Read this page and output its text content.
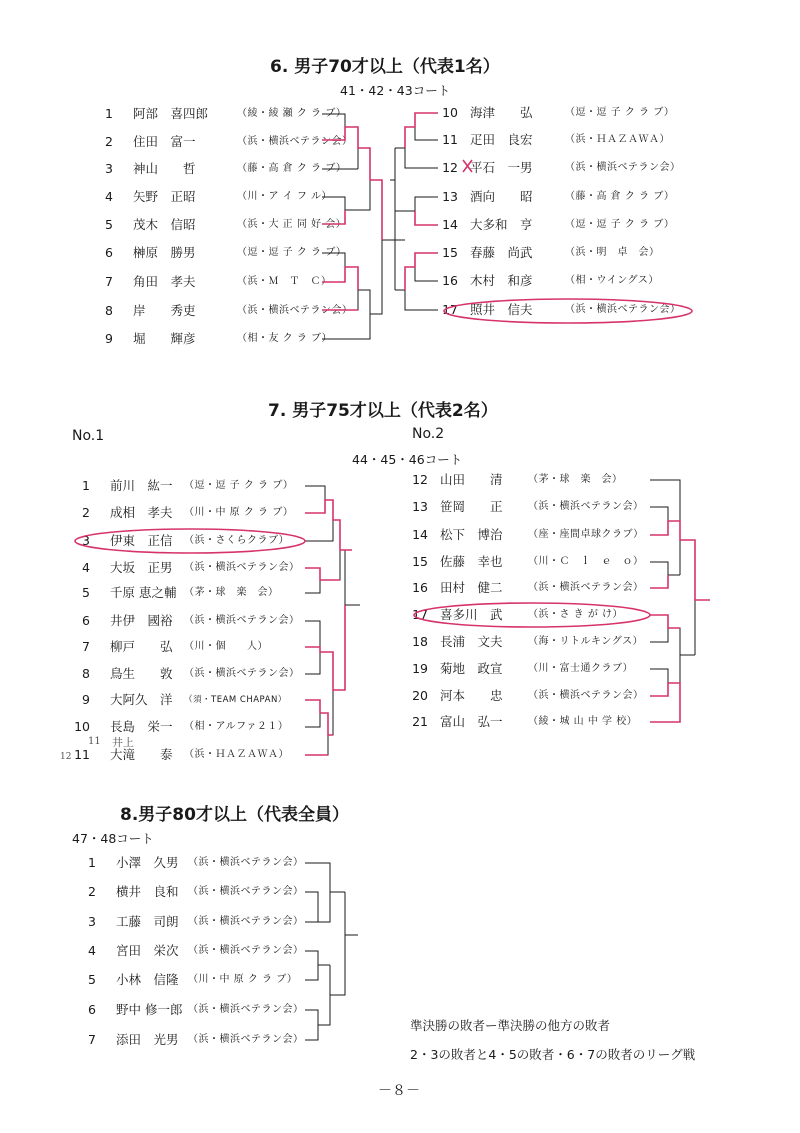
6. 男子70才以上（代表1名）
41・42・43コート
1 阿部　喜四郎	（綾・綾 瀬 ク ラ ブ）
2 住田　富一	（浜・横浜ベテラン会）
3 神山　　哲	（藤・高 倉 ク ラ ブ）
4 矢野　正昭	（川・ア イ フ ル）
5 茂木　信昭	（浜・大 正 同 好 会）
6 榊原　勝男	（逗・逗 子 ク ラ ブ）
7 角田　孝夫	（浜・Ｍ　Ｔ　Ｃ）
8 岸　　秀吏	（浜・横浜ベテラン会）
9 堀　　輝彦	（相・友 ク ラ ブ）
10 海津　　弘	（逗・逗 子 ク ラ ブ）
11 疋田　良宏	（浜・ＨＡＺＡＷＡ）
12 平石　一男	（浜・横浜ベテラン会）
13 酒向　　昭	（藤・高 倉 ク ラ ブ）
14 大多和　亨	（逗・逗 子 ク ラ ブ）
15 春藤　尚武	（浜・明　卓　会）
16 木村　和彦	（相・ウイングス）
17 照井　信夫	（浜・横浜ベテラン会）
7. 男子75才以上（代表2名）
No.1	No.2
44・45・46コート
1 前川　紘一 （逗・逗 子 ク ラ ブ）
2 成相　孝夫 （川・中 原 ク ラ ブ）
3 伊東　正信 （浜・さくらクラブ）
4 大坂　正男 （浜・横浜ベテラン会）
5 千原 恵之輔 （茅・球　楽　会）
6 井伊　國裕 （浜・横浜ベテラン会）
7 柳戸　　弘 （川・個　　人）
8 鳥生　　敦 （浜・横浜ベテラン会）
9 大阿久　洋 （須・TEAM CHAPAN）
10 長島　栄一 （相・アルファ２１）
11 大滝　　泰 （浜・ＨＡＺＡＷＡ）
11 井上
12
12 山田　　清	（茅・球　楽　会）
13 笹岡　　正	（浜・横浜ベテラン会）
14 松下　博治	（座・座間卓球クラブ）
15 佐藤　幸也	（川・Ｃ　ｌ　ｅ　ｏ）
16 田村　健二	（浜・横浜ベテラン会）
17 喜多川　武	（浜・さ き が け）
18 長浦　文夫	（海・リトルキングス）
19 菊地　政宣	（川・富士通クラブ）
20 河本　　忠	（浜・横浜ベテラン会）
21 富山　弘一	（綾・城 山 中 学 校）
8.男子80才以上（代表全員）
47・48コート
1 小澤　久男 （浜・横浜ベテラン会）
2 横井　良和 （浜・横浜ベテラン会）
3 工藤　司朗 （浜・横浜ベテラン会）
4 宮田　栄次 （浜・横浜ベテラン会）
5 小林　信隆 （川・中 原 ク ラ ブ）
6 野中 修一郎 （浜・横浜ベテラン会）
7 添田　光男 （浜・横浜ベテラン会）
準決勝の敗者ー準決勝の他方の敗者
2・3の敗者と4・5の敗者・6・7の敗者のリーグ戦
－８－
